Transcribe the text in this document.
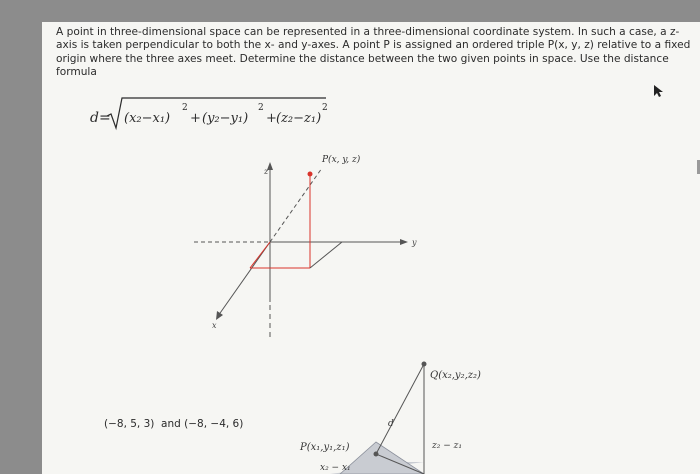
A point in three-dimensional space can be represented in a three-dimensional coordinate system. In such a case, a z-axis is taken perpendicular to both the x- and y-axes. A point P is assigned an ordered triple P(x, y, z) relative to a fixed origin where the three axes meet. Determine the distance between the two given points in space. Use the distance formula

d= (x₂−x₁)
2
+ (y₂−y₁)
2
+ (z₂−z₁)
2
z
y
x
P(x, y, z)
(−8, 5, 3)  and (−8, −4, 6)
Q(x₂,y₂,z₂)
P(x₁,y₁,z₁)
d
z₂ − z₁
x₂ − x₁
